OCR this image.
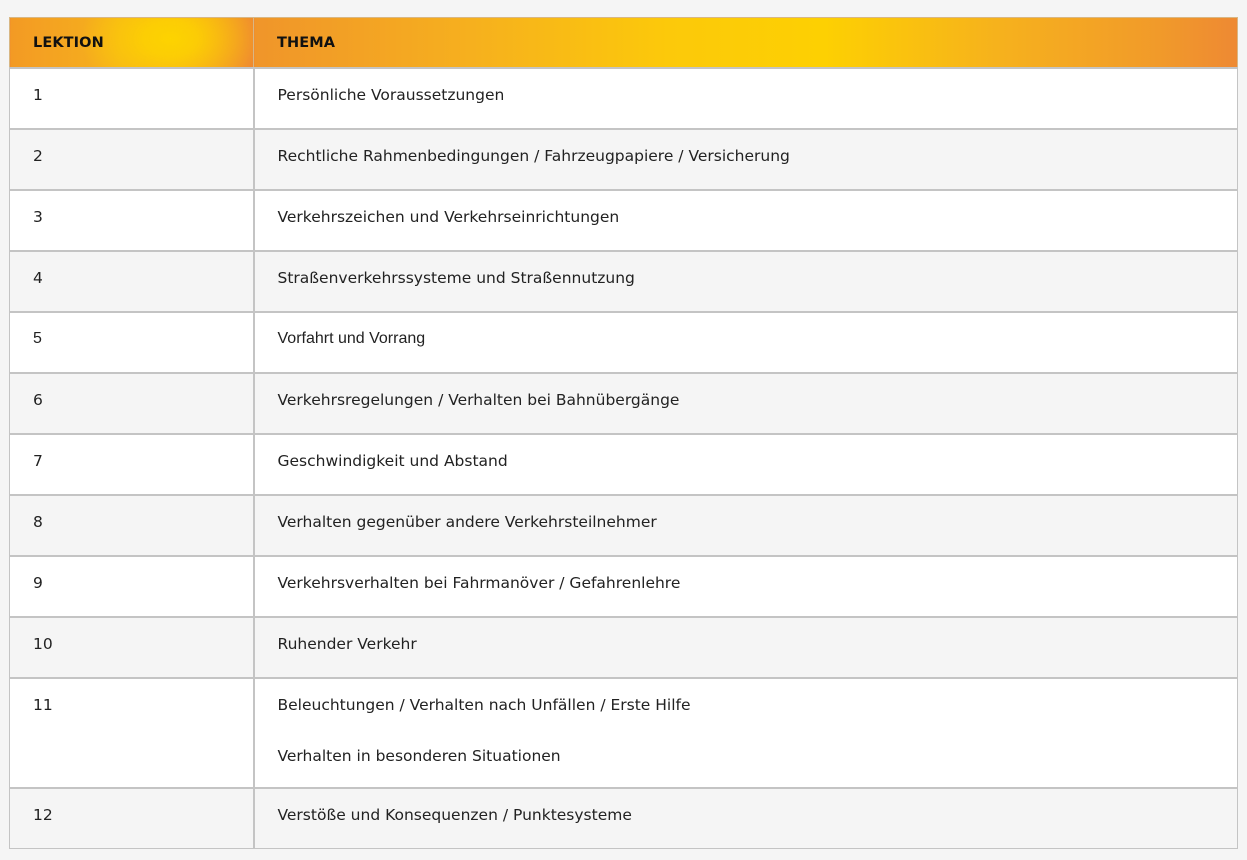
LEKTION	THEMA

1	Persönliche Voraussetzungen

2	Rechtliche Rahmenbedingungen / Fahrzeugpapiere / Versicherung

3	Verkehrszeichen und Verkehrseinrichtungen

4	Straßenverkehrssysteme und Straßennutzung

5	Vorfahrt und Vorrang

6	Verkehrsregelungen / Verhalten bei Bahnübergänge

7	Geschwindigkeit und Abstand

8	Verhalten gegenüber andere Verkehrsteilnehmer

9	Verkehrsverhalten bei Fahrmanöver / Gefahrenlehre

10	Ruhender Verkehr

11	Beleuchtungen / Verhalten nach Unfällen / Erste Hilfe
Verhalten in besonderen Situationen

12	Verstöße und Konsequenzen / Punktesysteme
